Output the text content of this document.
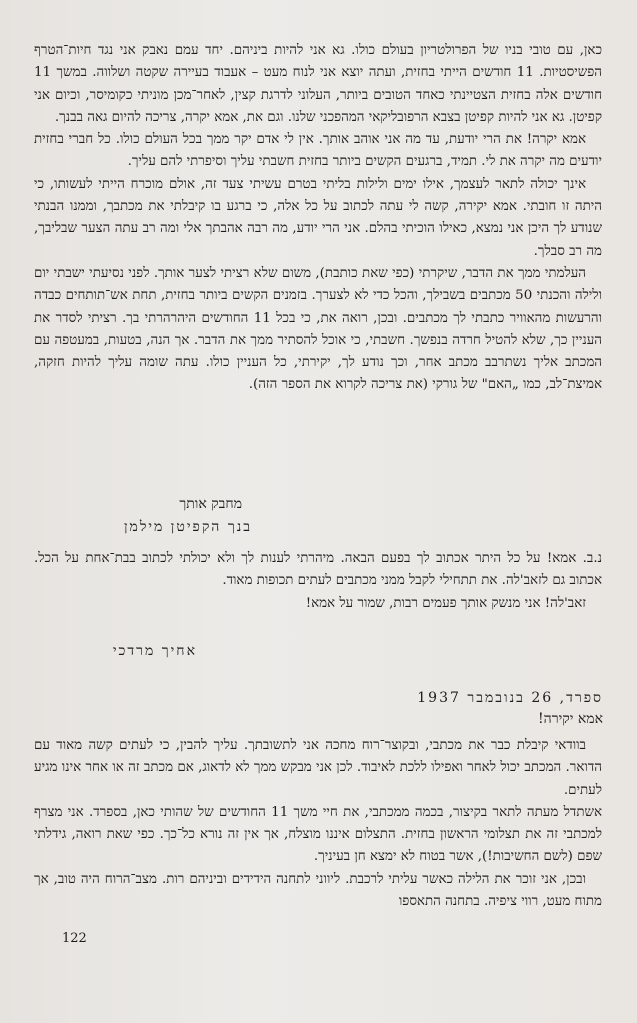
כאן, עם טובי בניו של הפרולטריון בעולם כולו. גא אני להיות ביניהם. יחד עמם נאבק אני נגד חיות־הטרף הפשיסטיות. 11 חודשים הייתי בחזית, ועתה יוצא אני לנוח מעט – אעבוד בעיירה שקטה ושלווה. במשך 11 חודשים אלה בחזית הצטיינתי כאחד הטובים ביותר, העלוני לדרגת קצין, לאחר־מכן מוניתי כקומיסר, וכיום אני קפיטן. גא אני להיות קפיטן בצבא הרפובליקאי המהפכני שלנו. וגם את, אמא יקרה, צריכה להיום גאה בבנך.

אמא יקרה! את הרי יודעת, עד מה אני אוהב אותך. אין לי אדם יקר ממך בכל העולם כולו. כל חברי בחזית יודעים מה יקרה את לי. תמיד, ברגעים הקשים ביותר בחזית חשבתי עליך וסיפרתי להם עליך.

אינך יכולה לתאר לעצמך, אילו ימים ולילות בליתי בטרם עשיתי צעד זה, אולם מוכרח הייתי לעשותו, כי היתה זו חובתי. אמא יקירה, קשה לי עתה לכתוב על כל אלה, כי ברגע בו קיבלתי את מכתבך, וממנו הבנתי שנודע לך היכן אני נמצא, כאילו הוכיתי בהלם. אני הרי יודע, מה רבה אהבתך אלי ומה רב עתה הצער שבליבך, מה רב סבלך.

העלמתי ממך את הדבר, שיקרתי (כפי שאת כותבת), משום שלא רציתי לצער אותך. לפני נסיעתי ישבתי יום ולילה והכנתי 50 מכתבים בשבילך, והכל כדי לא לצערך. בזמנים הקשים ביותר בחזית, תחת אש־תותחים כבדה והרעשות מהאוויר כתבתי לך מכתבים. ובכן, רואה את, כי בכל 11 החודשים היהרהרתי בך. רציתי לסדר את העניין כך, שלא להטיל חרדה בנפשך. חשבתי, כי אוכל להסתיר ממך את הדבר. אך הנה, בטעות, במעטפה עם המכתב אליך נשתרבב מכתב אחר, וכך נודע לך, יקירתי, כל העניין כולו. עתה שומה עליך להיות חזקה, אמיצת־לב, כמו „האם" של גורקי (את צריכה לקרוא את הספר הזה).

מחבק אותך
בנך הקפיטן מילמן

נ.ב. אמא! על כל היתר אכתוב לך בפעם הבאה. מיהרתי לענות לך ולא יכולתי לכתוב בבת־אחת על הכל. אכתוב גם לזאב'לה. את תתחילי לקבל ממני מכתבים לעתים תכופות מאוד.

זאב'לה! אני מנשק אותך פעמים רבות, שמור על אמא!

אחיך מרדכי
ספרד, 26 בנובמבר 1937
אמא יקירה!

בוודאי קיבלת כבר את מכתבי, ובקוצר־רוח מחכה אני לתשובתך. עליך להבין, כי לעתים קשה מאוד עם הדואר. המכתב יכול לאחר ואפילו ללכת לאיבוד. לכן אני מבקש ממך לא לדאוג, אם מכתב זה או אחר אינו מגיע לעתים.

אשתדל מעתה לתאר בקיצור, בכמה ממכתבי, את חיי משך 11 החודשים של שהותי כאן, בספרד. אני מצרף למכתבי זה את תצלומי הראשון בחזית. התצלום איננו מוצלח, אך אין זה נורא כל־כך. כפי שאת רואה, גידלתי שפם (לשם החשיבות!), אשר בטוח לא ימצא חן בעיניך.

ובכן, אני זוכר את הלילה כאשר עליתי לרכבת. ליווני לתחנה הידידים וביניהם רות. מצב־הרוח היה טוב, אך מתוח מעט, רווי ציפיה. בתחנה התאספו

122
